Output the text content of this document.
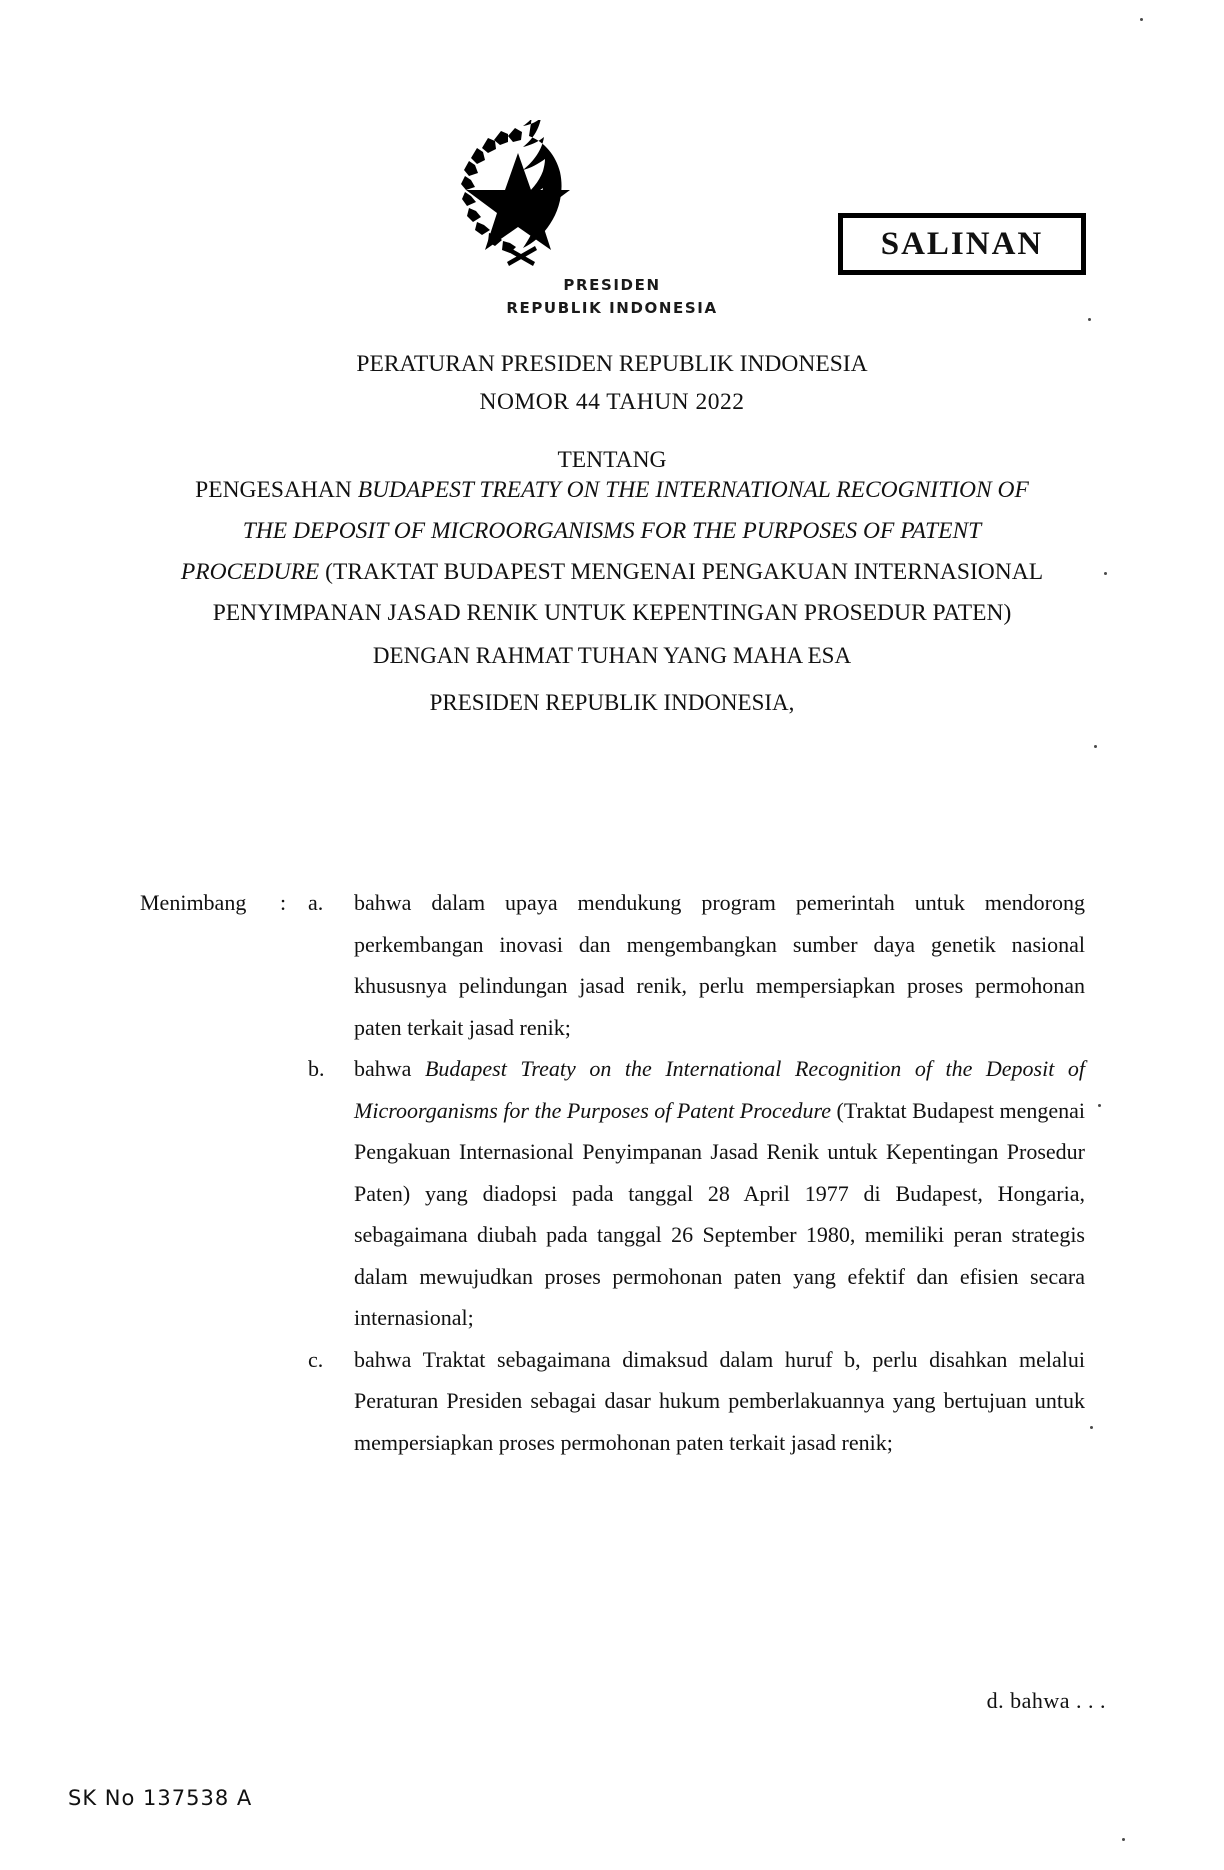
SALINAN
PRESIDEN
REPUBLIK INDONESIA
PERATURAN PRESIDEN REPUBLIK INDONESIA
NOMOR 44 TAHUN 2022
TENTANG
PENGESAHAN BUDAPEST TREATY ON THE INTERNATIONAL RECOGNITION OF
THE DEPOSIT OF MICROORGANISMS FOR THE PURPOSES OF PATENT
PROCEDURE (TRAKTAT BUDAPEST MENGENAI PENGAKUAN INTERNASIONAL
PENYIMPANAN JASAD RENIK UNTUK KEPENTINGAN PROSEDUR PATEN)
DENGAN RAHMAT TUHAN YANG MAHA ESA
PRESIDEN REPUBLIK INDONESIA,
Menimbang	: a.	bahwa dalam upaya mendukung program pemerintah untuk mendorong perkembangan inovasi dan mengembangkan sumber daya genetik nasional khususnya pelindungan jasad renik, perlu mempersiapkan proses permohonan paten terkait jasad renik;
b.	bahwa Budapest Treaty on the International Recognition of the Deposit of Microorganisms for the Purposes of Patent Procedure (Traktat Budapest mengenai Pengakuan Internasional Penyimpanan Jasad Renik untuk Kepentingan Prosedur Paten) yang diadopsi pada tanggal 28 April 1977 di Budapest, Hongaria, sebagaimana diubah pada tanggal 26 September 1980, memiliki peran strategis dalam mewujudkan proses permohonan paten yang efektif dan efisien secara internasional;
c.	bahwa Traktat sebagaimana dimaksud dalam huruf b, perlu disahkan melalui Peraturan Presiden sebagai dasar hukum pemberlakuannya yang bertujuan untuk mempersiapkan proses permohonan paten terkait jasad renik;
d. bahwa . . .
SK No 137538 A
